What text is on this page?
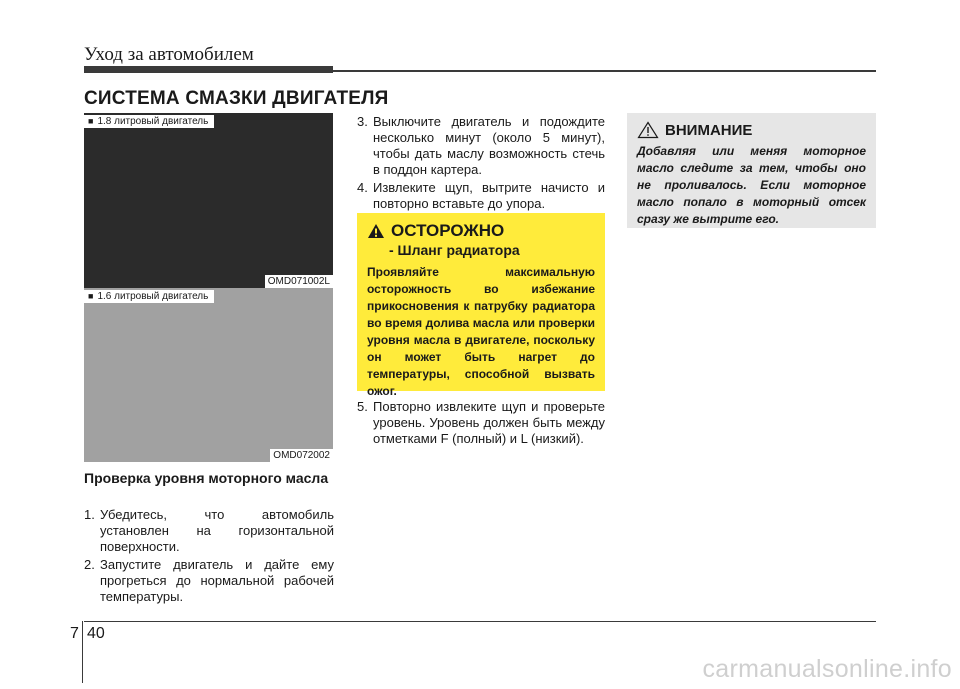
Уход за автомобилем
СИСТЕМА СМАЗКИ ДВИГАТЕЛЯ
■ 1.8 литровый двигатель
OMD071002L
■ 1.6 литровый двигатель
OMD072002
Проверка уровня моторного масла
1. Убедитесь, что автомобиль установлен на горизонтальной поверхности.
2. Запустите двигатель и дайте ему прогреться до нормальной рабочей температуры.
3. Выключите двигатель и подождите несколько минут (около 5 минут), чтобы дать маслу возможность стечь в поддон картера.
4. Извлеките щуп, вытрите начисто и повторно вставьте до упора.
ОСТОРОЖНО
- Шланг радиатора
Проявляйте максимальную осторожность во избежание прикосновения к патрубку радиатора во время долива масла или проверки уровня масла в двигателе, поскольку он может быть нагрет до температуры, способной вызвать ожог.
5. Повторно извлеките щуп и проверьте уровень. Уровень должен быть между отметками F (полный) и L (низкий).
ВНИМАНИЕ
Добавляя или меняя моторное масло следите за тем, чтобы оно не проливалось. Если моторное масло попало в моторный отсек сразу же вытрите его.
7 40
carmanualsonline.info
